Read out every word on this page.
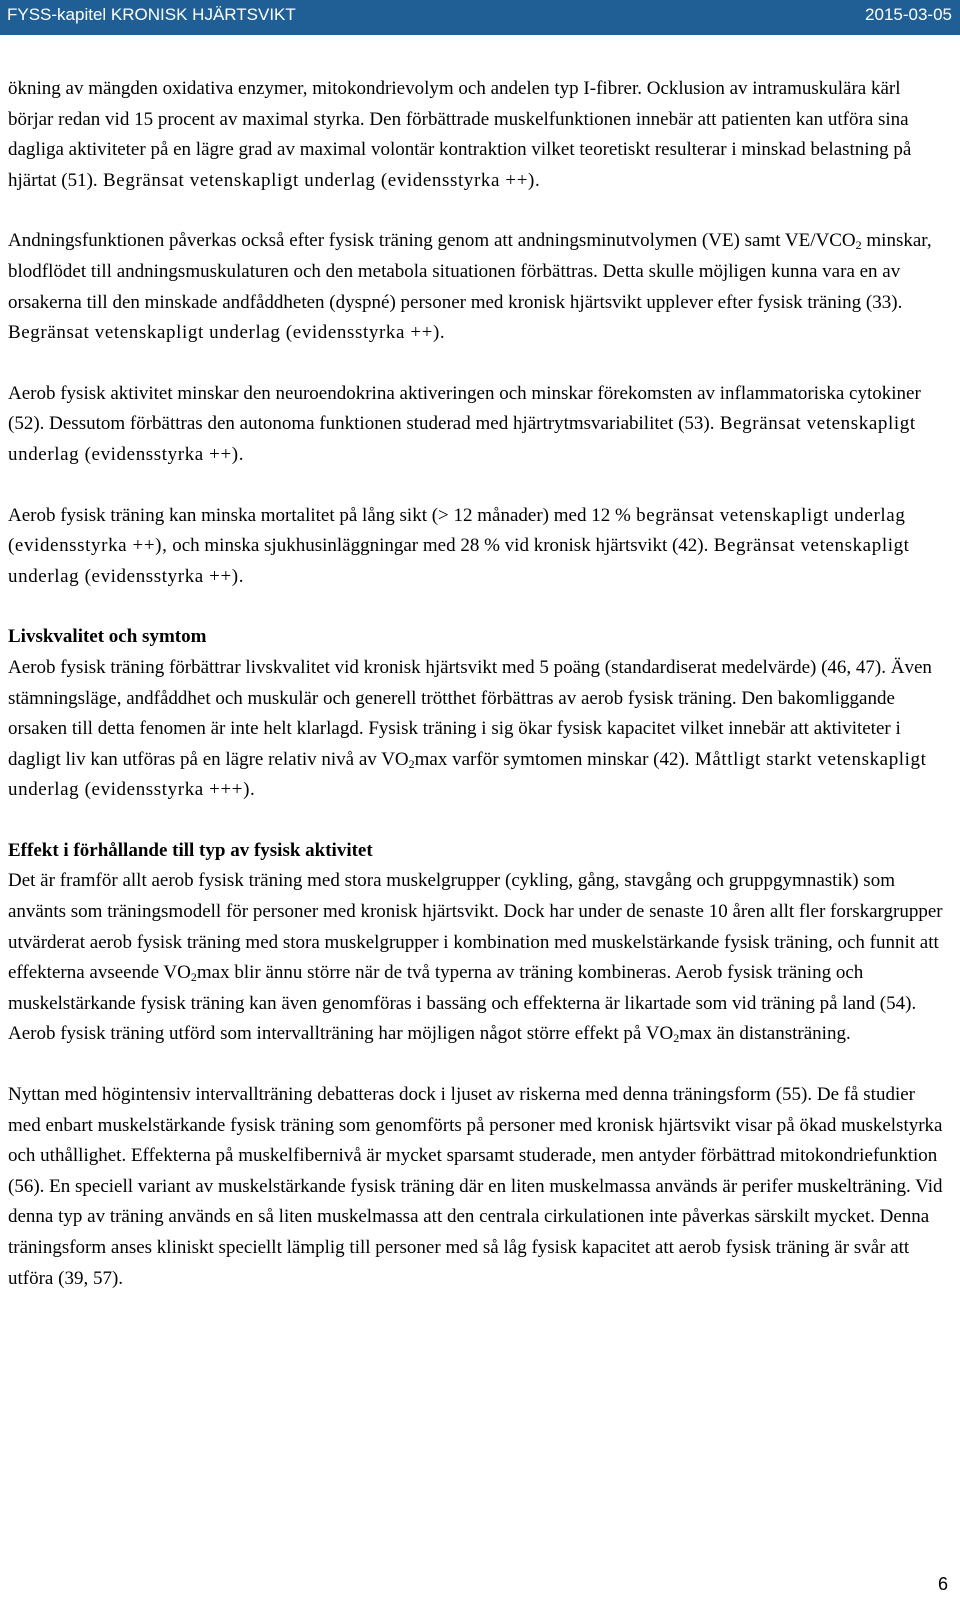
FYSS-kapitel KRONISK HJÄRTSVIKT	2015-03-05

ökning av mängden oxidativa enzymer, mitokondrievolym och andelen typ I-fibrer. Ocklusion av intramuskulära kärl börjar redan vid 15 procent av maximal styrka. Den förbättrade muskelfunktionen innebär att patienten kan utföra sina dagliga aktiviteter på en lägre grad av maximal volontär kontraktion vilket teoretiskt resulterar i minskad belastning på hjärtat (51). Begränsat vetenskapligt underlag (evidensstyrka ++).

Andningsfunktionen påverkas också efter fysisk träning genom att andningsminutvolymen (VE) samt $VE/VCO_2$ minskar, blodflödet till andningsmuskulaturen och den metabola situationen förbättras. Detta skulle möjligen kunna vara en av orsakerna till den minskade andfåddheten (dyspné) personer med kronisk hjärtsvikt upplever efter fysisk träning (33). Begränsat vetenskapligt underlag (evidensstyrka ++).

Aerob fysisk aktivitet minskar den neuroendokrina aktiveringen och minskar förekomsten av inflammatoriska cytokiner (52). Dessutom förbättras den autonoma funktionen studerad med hjärtrytmsvariabilitet (53). Begränsat vetenskapligt underlag (evidensstyrka ++).

Aerob fysisk träning kan minska mortalitet på lång sikt (> 12 månader) med 12 % begränsat vetenskapligt underlag (evidensstyrka ++), och minska sjukhusinläggningar med 28 % vid kronisk hjärtsvikt (42). Begränsat vetenskapligt underlag (evidensstyrka ++).

Livskvalitet och symtom

Aerob fysisk träning förbättrar livskvalitet vid kronisk hjärtsvikt med 5 poäng (standardiserat medelvärde) (46, 47). Även stämningsläge, andfåddhet och muskulär och generell trötthet förbättras av aerob fysisk träning. Den bakomliggande orsaken till detta fenomen är inte helt klarlagd. Fysisk träning i sig ökar fysisk kapacitet vilket innebär att aktiviteter i dagligt liv kan utföras på en lägre relativ nivå av $VO_2\max$ varför symtomen minskar (42). Måttligt starkt vetenskapligt underlag (evidensstyrka +++).

Effekt i förhållande till typ av fysisk aktivitet

Det är framför allt aerob fysisk träning med stora muskelgrupper (cykling, gång, stavgång och gruppgymnastik) som använts som träningsmodell för personer med kronisk hjärtsvikt. Dock har under de senaste 10 åren allt fler forskargrupper utvärderat aerob fysisk träning med stora muskelgrupper i kombination med muskelstärkande fysisk träning, och funnit att effekterna avseende $VO_2\max$ blir ännu större när de två typerna av träning kombineras. Aerob fysisk träning och muskelstärkande fysisk träning kan även genomföras i bassäng och effekterna är likartade som vid träning på land (54). Aerob fysisk träning utförd som intervallträning har möjligen något större effekt på $VO_2\max$ än distansträning.

Nyttan med högintensiv intervallträning debatteras dock i ljuset av riskerna med denna träningsform (55). De få studier med enbart muskelstärkande fysisk träning som genomförts på personer med kronisk hjärtsvikt visar på ökad muskelstyrka och uthållighet. Effekterna på muskelfibernivå är mycket sparsamt studerade, men antyder förbättrad mitokondriefunktion (56). En speciell variant av muskelstärkande fysisk träning där en liten muskelmassa används är perifer muskelträning. Vid denna typ av träning används en så liten muskelmassa att den centrala cirkulationen inte påverkas särskilt mycket. Denna träningsform anses kliniskt speciellt lämplig till personer med så låg fysisk kapacitet att aerob fysisk träning är svår att utföra (39, 57).

6
